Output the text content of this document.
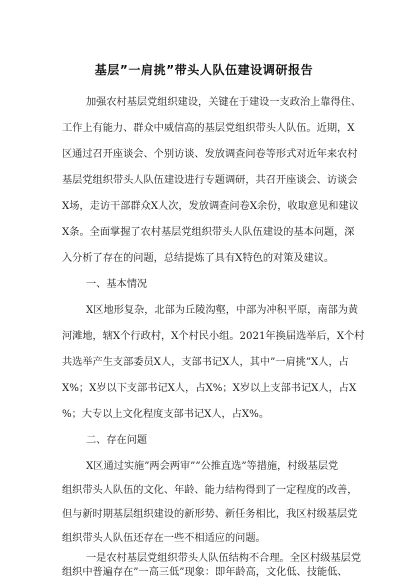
基层”一肩挑”带头人队伍建设调研报告
加强农村基层党组织建设，关键在于建设一支政治上靠得住、
工作上有能力、群众中威信高的基层党组织带头人队伍。近期，X
区通过召开座谈会、个别访谈、发放调查问卷等形式对近年来农村
基层党组织带头人队伍建设进行专题调研，共召开座谈会、访谈会
X场，走访干部群众X人次，发放调查问卷X余份，收取意见和建议
X条。全面掌握了农村基层党组织带头人队伍建设的基本问题，深
入分析了存在的问题，总结提炼了具有X特色的对策及建议。
一、基本情况
X区地形复杂，北部为丘陵沟壑，中部为冲积平原，南部为黄
河滩地，辖X个行政村，X个村民小组。2021年换届选举后，X个村
共选举产生支部委员X人，支部书记X人，其中”一肩挑”X人，占
X%；X岁以下支部书记X人，占X%；X岁以上支部书记X人，占X
%；大专以上文化程度支部书记X人，占X%。
二、存在问题
X区通过实施”两会两审””公推直选”等措施，村级基层党
组织带头人队伍的文化、年龄、能力结构得到了一定程度的改善，
但与新时期基层组织建设的新形势、新任务相比，我区村级基层党
组织带头人队伍还存在一些不相适应的问题。
一是农村基层党组织带头人队伍结构不合理。全区村级基层党
组织中普遍存在”一高三低”现象：即年龄高，文化低、技能低、
